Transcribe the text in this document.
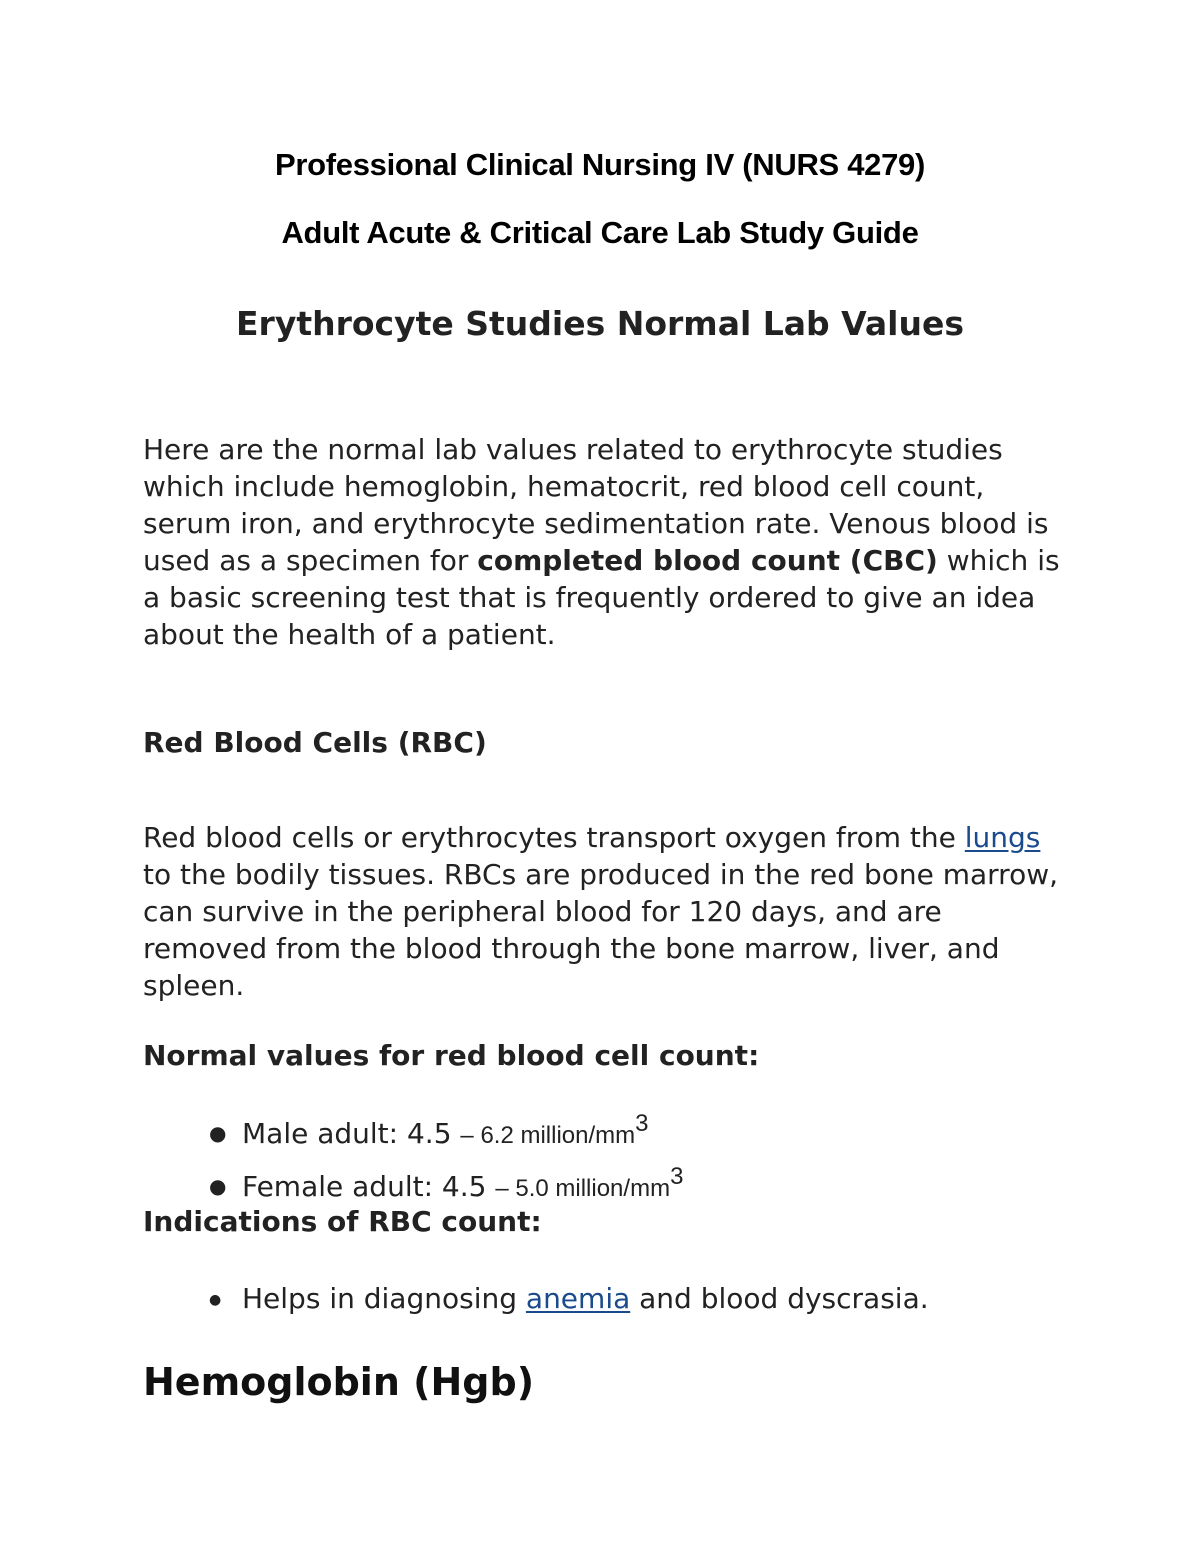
Professional Clinical Nursing IV (NURS 4279)
Adult Acute & Critical Care Lab Study Guide
Erythrocyte Studies Normal Lab Values
Here are the normal lab values related to erythrocyte studies which include hemoglobin, hematocrit, red blood cell count, serum iron, and erythrocyte sedimentation rate. Venous blood is used as a specimen for completed blood count (CBC) which is a basic screening test that is frequently ordered to give an idea about the health of a patient.
Red Blood Cells (RBC)
Red blood cells or erythrocytes transport oxygen from the lungs to the bodily tissues. RBCs are produced in the red bone marrow, can survive in the peripheral blood for 120 days, and are removed from the blood through the bone marrow, liver, and spleen.
Normal values for red blood cell count:
● Male adult: 4.5 – 6.2 million/$mm^3$
● Female adult: 4.5 – 5.0 million/$mm^3$
Indications of RBC count:
● Helps in diagnosing anemia and blood dyscrasia.
Hemoglobin (Hgb)
